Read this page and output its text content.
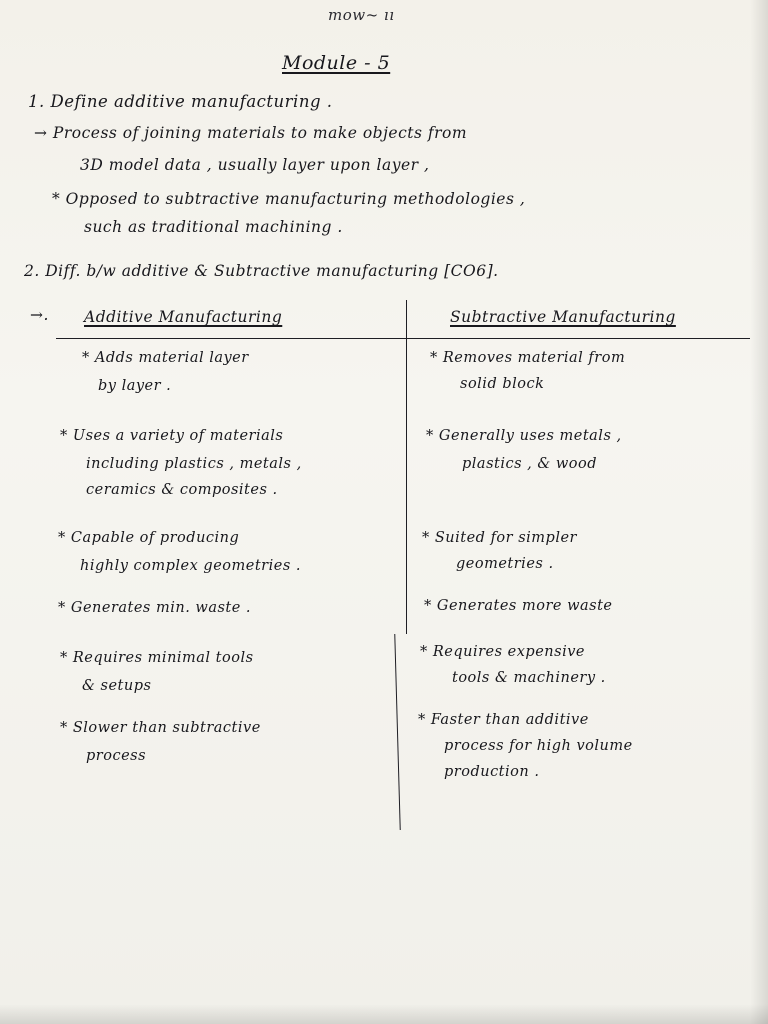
mow~ ıı
Module - 5
1. Define additive manufacturing .
→ Process of joining materials to make objects from
3D model data , usually layer upon layer ,
* Opposed to subtractive manufacturing methodologies ,
such as traditional machining .
2. Diff. b/w additive & Subtractive manufacturing [CO6].
→. Additive Manufacturing	Subtractive Manufacturing
* Adds material layer
by layer .
* Uses a variety of materials
including plastics , metals ,
ceramics & composites .
* Capable of producing
highly complex geometries .
* Generates min. waste .
* Requires minimal tools
& setups
* Slower than subtractive
process
* Removes material from
solid block
* Generally uses metals ,
plastics , & wood
* Suited for simpler
geometries .
* Generates more waste
* Requires expensive
tools & machinery .
* Faster than additive
process for high volume
production .
